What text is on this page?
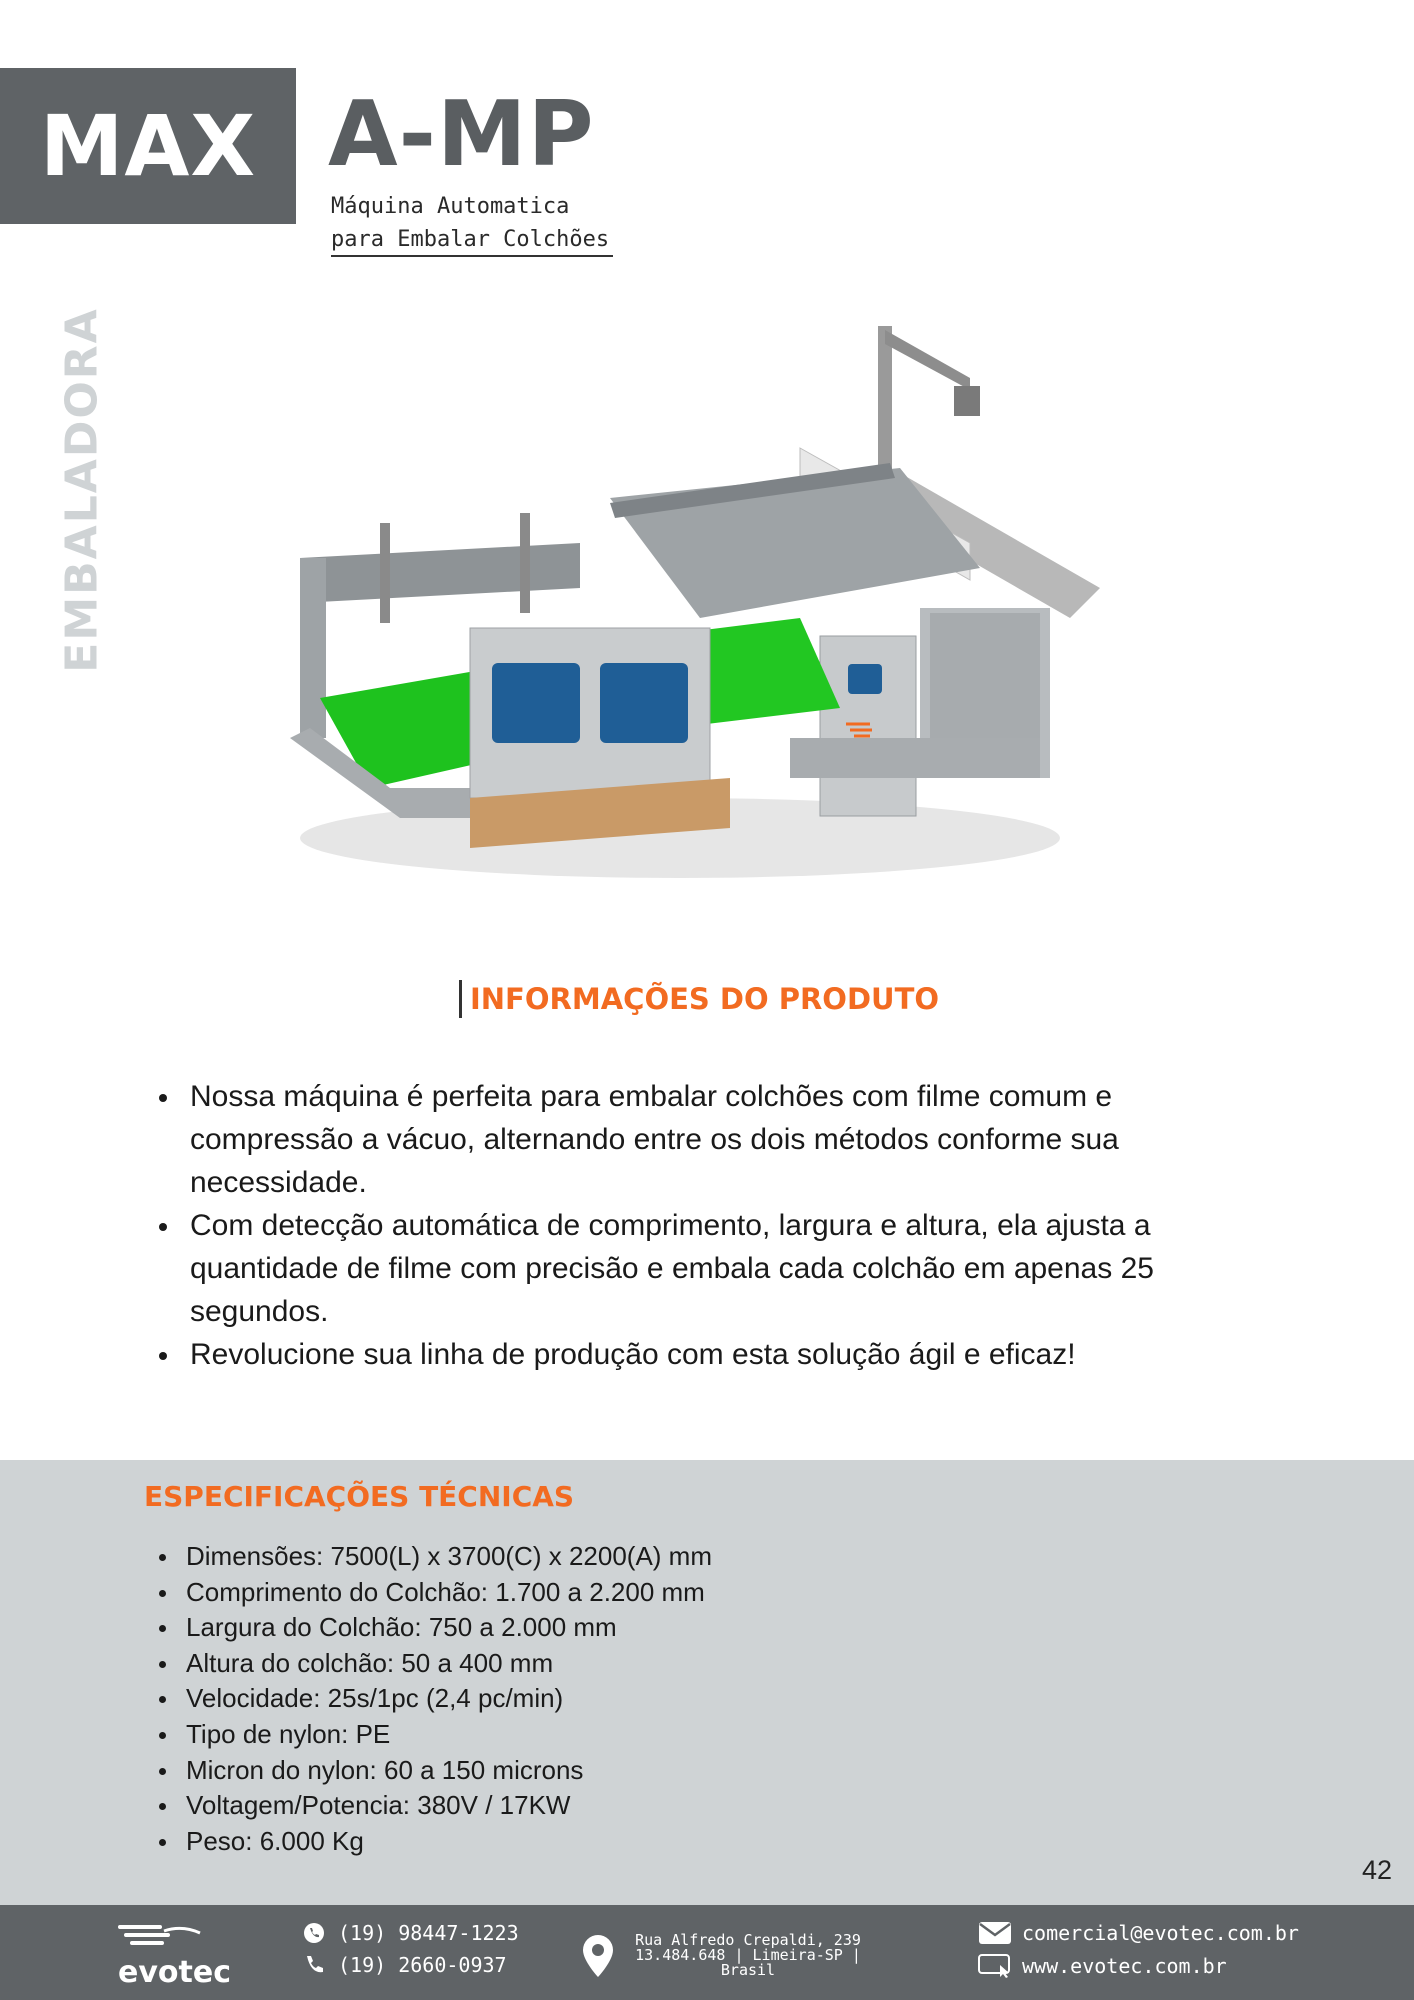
MAX A-MP
Máquina Automatica
para Embalar Colchões
EMBALADORA
INFORMAÇÕES DO PRODUTO
Nossa máquina é perfeita para embalar colchões com filme comum e compressão a vácuo, alternando entre os dois métodos conforme sua necessidade.
Com detecção automática de comprimento, largura e altura, ela ajusta a quantidade de filme com precisão e embala cada colchão em apenas 25 segundos.
Revolucione sua linha de produção com esta solução ágil e eficaz!
ESPECIFICAÇÕES TÉCNICAS
Dimensões: 7500(L) x 3700(C) x 2200(A) mm
Comprimento do Colchão: 1.700 a 2.200 mm
Largura do Colchão: 750 a 2.000 mm
Altura do colchão: 50 a 400 mm
Velocidade: 25s/1pc (2,4 pc/min)
Tipo de nylon: PE
Micron do nylon: 60 a 150 microns
Voltagem/Potencia: 380V / 17KW
Peso: 6.000 Kg
42
evotec
(19) 98447-1223
(19) 2660-0937
Rua Alfredo Crepaldi, 239
13.484.648 | Limeira-SP |
Brasil
comercial@evotec.com.br
www.evotec.com.br
